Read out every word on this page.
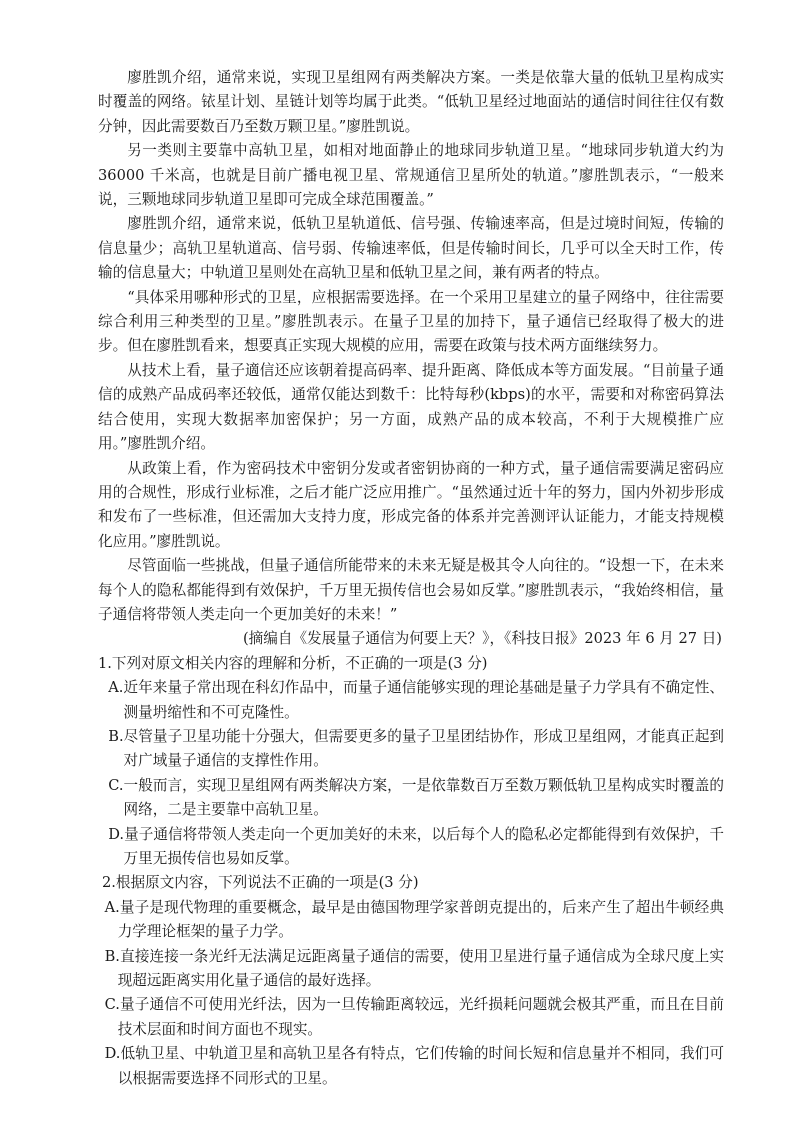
廖胜凯介绍，通常来说，实现卫星组网有两类解决方案。一类是依靠大量的低轨卫星构成实时覆盖的网络。铱星计划、星链计划等均属于此类。“低轨卫星经过地面站的通信时间往往仅有数分钟，因此需要数百乃至数万颗卫星。”廖胜凯说。

另一类则主要靠中高轨卫星，如相对地面静止的地球同步轨道卫星。“地球同步轨道大约为 36000 千米高，也就是目前广播电视卫星、常规通信卫星所处的轨道。”廖胜凯表示，“一般来说，三颗地球同步轨道卫星即可完成全球范围覆盖。”

廖胜凯介绍，通常来说，低轨卫星轨道低、信号强、传输速率高，但是过境时间短，传输的信息量少；高轨卫星轨道高、信号弱、传输速率低，但是传输时间长，几乎可以全天时工作，传输的信息量大；中轨道卫星则处在高轨卫星和低轨卫星之间，兼有两者的特点。

“具体采用哪种形式的卫星，应根据需要选择。在一个采用卫星建立的量子网络中，往往需要综合利用三种类型的卫星。”廖胜凯表示。在量子卫星的加持下，量子通信已经取得了极大的进步。但在廖胜凯看来，想要真正实现大规模的应用，需要在政策与技术两方面继续努力。

从技术上看，量子適信还应该朝着提高码率、提升距离、降低成本等方面发展。“目前量子通信的成熟产品成码率还较低，通常仅能达到数千：比特每秒(kbps)的水平，需要和对称密码算法结合使用，实现大数据率加密保护；另一方面，成熟产品的成本较高，不利于大规模推广应用。”廖胜凯介绍。

从政策上看，作为密码技术中密钥分发或者密钥协商的一种方式，量子通信需要满足密码应用的合规性，形成行业标准，之后才能广泛应用推广。“虽然通过近十年的努力，国内外初步形成和发布了一些标准，但还需加大支持力度，形成完备的体系并完善测评认证能力，才能支持规模化应用。”廖胜凯说。

尽管面临一些挑战，但量子通信所能带来的未来无疑是极其令人向往的。“设想一下，在未来每个人的隐私都能得到有效保护，千万里无损传信也会易如反掌。”廖胜凯表示，“我始终相信，量子通信将带领人类走向一个更加美好的未来！”

(摘编自《发展量子通信为何要上天？》，《科技日报》2023 年 6 月 27 日)

1.下列对原文相关内容的理解和分析，不正确的一项是(3 分)

A.近年来量子常出现在科幻作品中，而量子通信能够实现的理论基础是量子力学具有不确定性、测量坍缩性和不可克隆性。

B.尽管量子卫星功能十分强大，但需要更多的量子卫星团结协作，形成卫星组网，才能真正起到对广域量子通信的支撑性作用。

C.一般而言，实现卫星组网有两类解决方案，一是依靠数百万至数万颗低轨卫星构成实时覆盖的网络，二是主要靠中高轨卫星。

D.量子通信将带领人类走向一个更加美好的未来，以后每个人的隐私必定都能得到有效保护，千万里无损传信也易如反掌。

2.根据原文内容，下列说法不正确的一项是(3 分)

A.量子是现代物理的重要概念，最早是由德国物理学家普朗克提出的，后来产生了超出牛顿经典力学理论框架的量子力学。

B.直接连接一条光纤无法满足远距离量子通信的需要，使用卫星进行量子通信成为全球尺度上实现超远距离实用化量子通信的最好选择。

C.量子通信不可使用光纤法，因为一旦传输距离较远，光纤损耗问题就会极其严重，而且在目前技术层面和时间方面也不现实。

D.低轨卫星、中轨道卫星和高轨卫星各有特点，它们传输的时间长短和信息量并不相同，我们可以根据需要选择不同形式的卫星。
